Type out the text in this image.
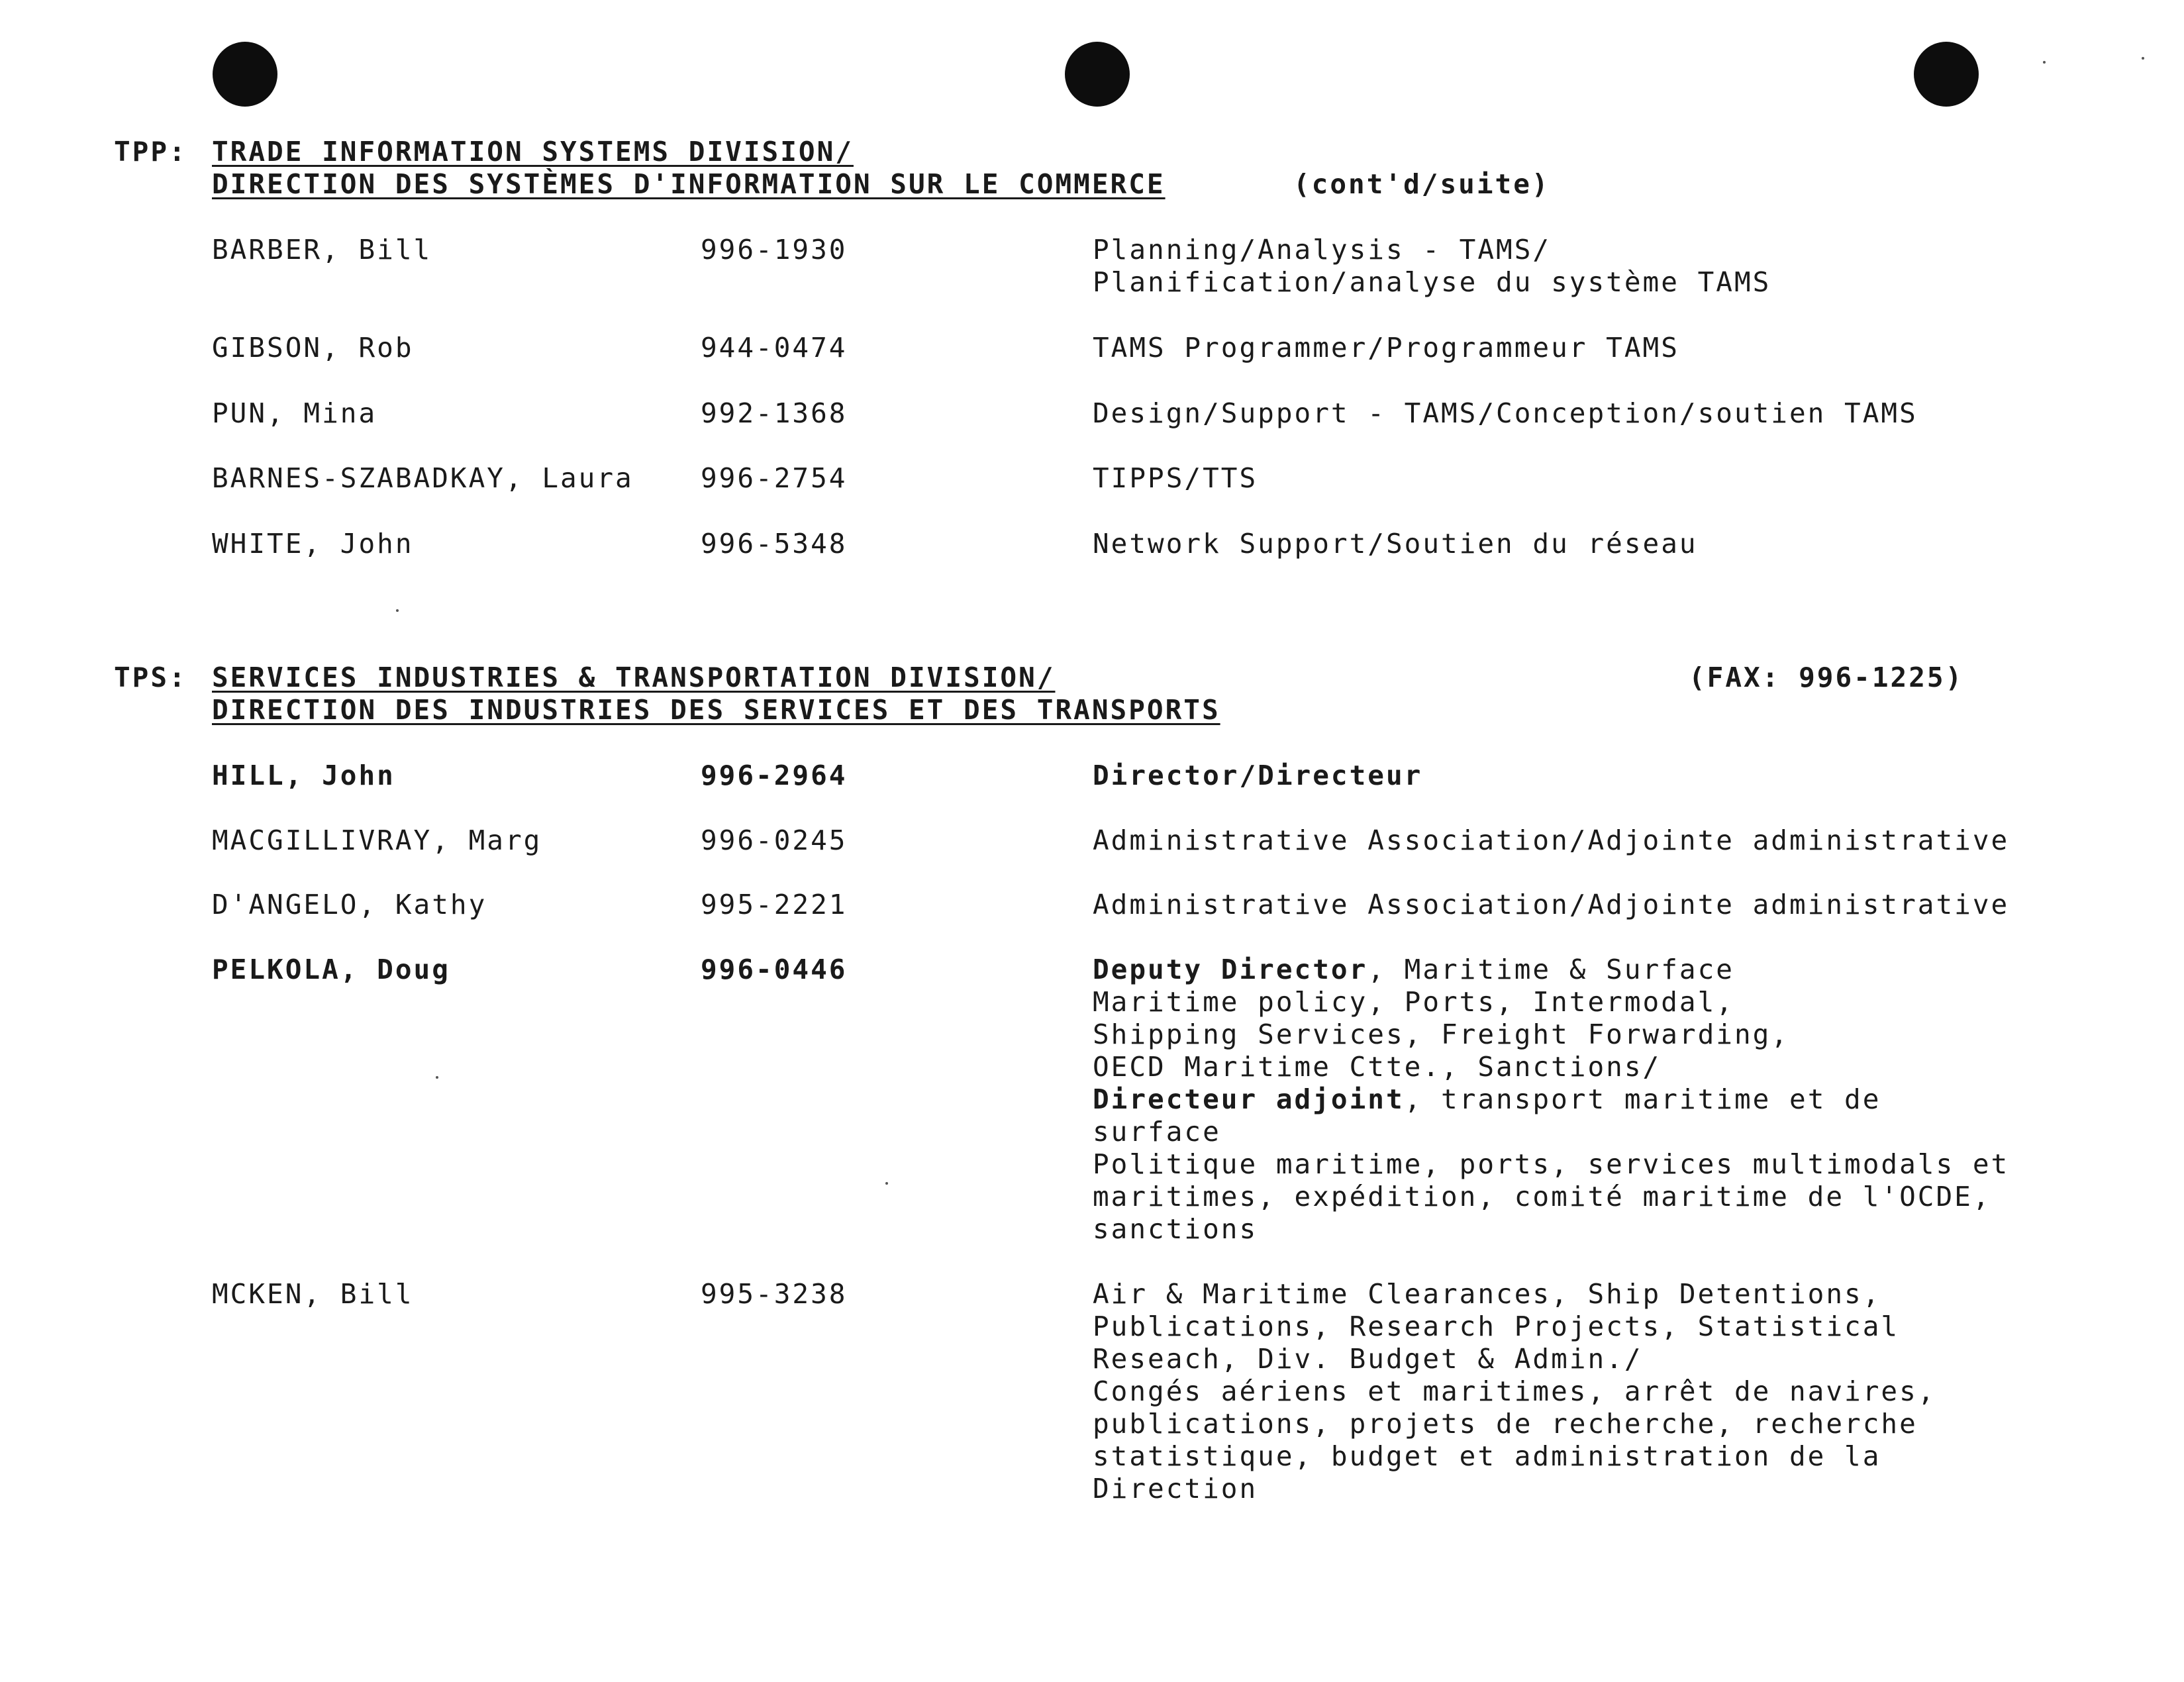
TPP: TRADE INFORMATION SYSTEMS DIVISION/
DIRECTION DES SYSTÈMES D'INFORMATION SUR LE COMMERCE	(cont'd/suite)
BARBER, Bill	996-1930	Planning/Analysis - TAMS/
Planification/analyse du système TAMS
GIBSON, Rob	944-0474	TAMS Programmer/Programmeur TAMS
PUN, Mina	992-1368	Design/Support - TAMS/Conception/soutien TAMS
BARNES-SZABADKAY, Laura 996-2754	TIPPS/TTS
WHITE, John	996-5348	Network Support/Soutien du réseau
TPS: SERVICES INDUSTRIES & TRANSPORTATION DIVISION/
DIRECTION DES INDUSTRIES DES SERVICES ET DES TRANSPORTS
(FAX: 996-1225)
HILL, John	996-2964	Director/Directeur
MACGILLIVRAY, Marg	996-0245	Administrative Association/Adjointe administrative
D'ANGELO, Kathy	995-2221	Administrative Association/Adjointe administrative
PELKOLA, Doug	996-0446	Deputy Director, Maritime & Surface
Maritime policy, Ports, Intermodal,
Shipping Services, Freight Forwarding,
OECD Maritime Ctte., Sanctions/
Directeur adjoint, transport maritime et de
surface
Politique maritime, ports, services multimodals et
maritimes, expédition, comité maritime de l'OCDE,
sanctions
MCKEN, Bill	995-3238	Air & Maritime Clearances, Ship Detentions,
Publications, Research Projects, Statistical
Reseach, Div. Budget & Admin./
Congés aériens et maritimes, arrêt de navires,
publications, projets de recherche, recherche
statistique, budget et administration de la
Direction
